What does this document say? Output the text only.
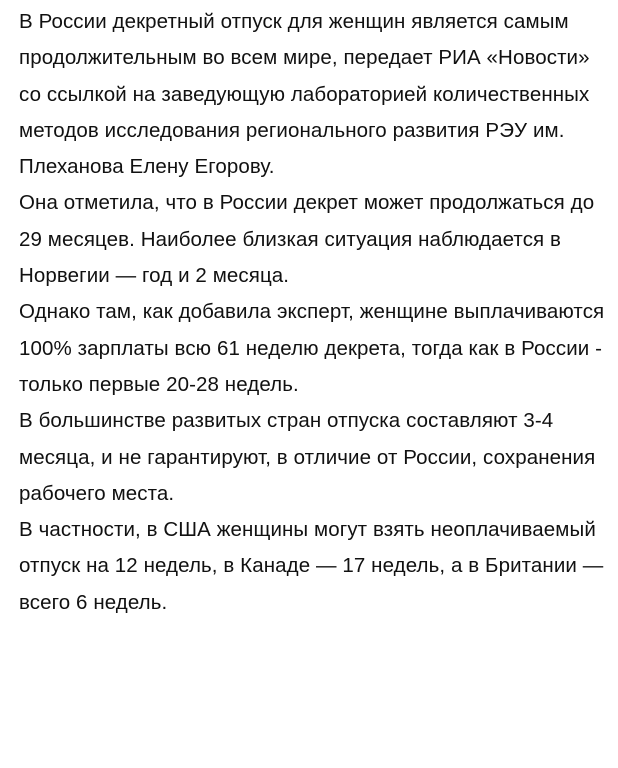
В России декретный отпуск для женщин является самым продолжительным во всем мире, передает РИА «Новости» со ссылкой на заведующую лабораторией количественных методов исследования регионального развития РЭУ им. Плеханова Елену Егорову.

Она отметила, что в России декрет может продолжаться до 29 месяцев. Наиболее близкая ситуация наблюдается в Норвегии — год и 2 месяца.

Однако там, как добавила эксперт, женщине выплачиваются 100% зарплаты всю 61 неделю декрета, тогда как в России - только первые 20-28 недель.

В большинстве развитых стран отпуска составляют 3-4 месяца, и не гарантируют, в отличие от России, сохранения рабочего места.

В частности, в США женщины могут взять неоплачиваемый отпуск на 12 недель, в Канаде — 17 недель, а в Британии — всего 6 недель.
